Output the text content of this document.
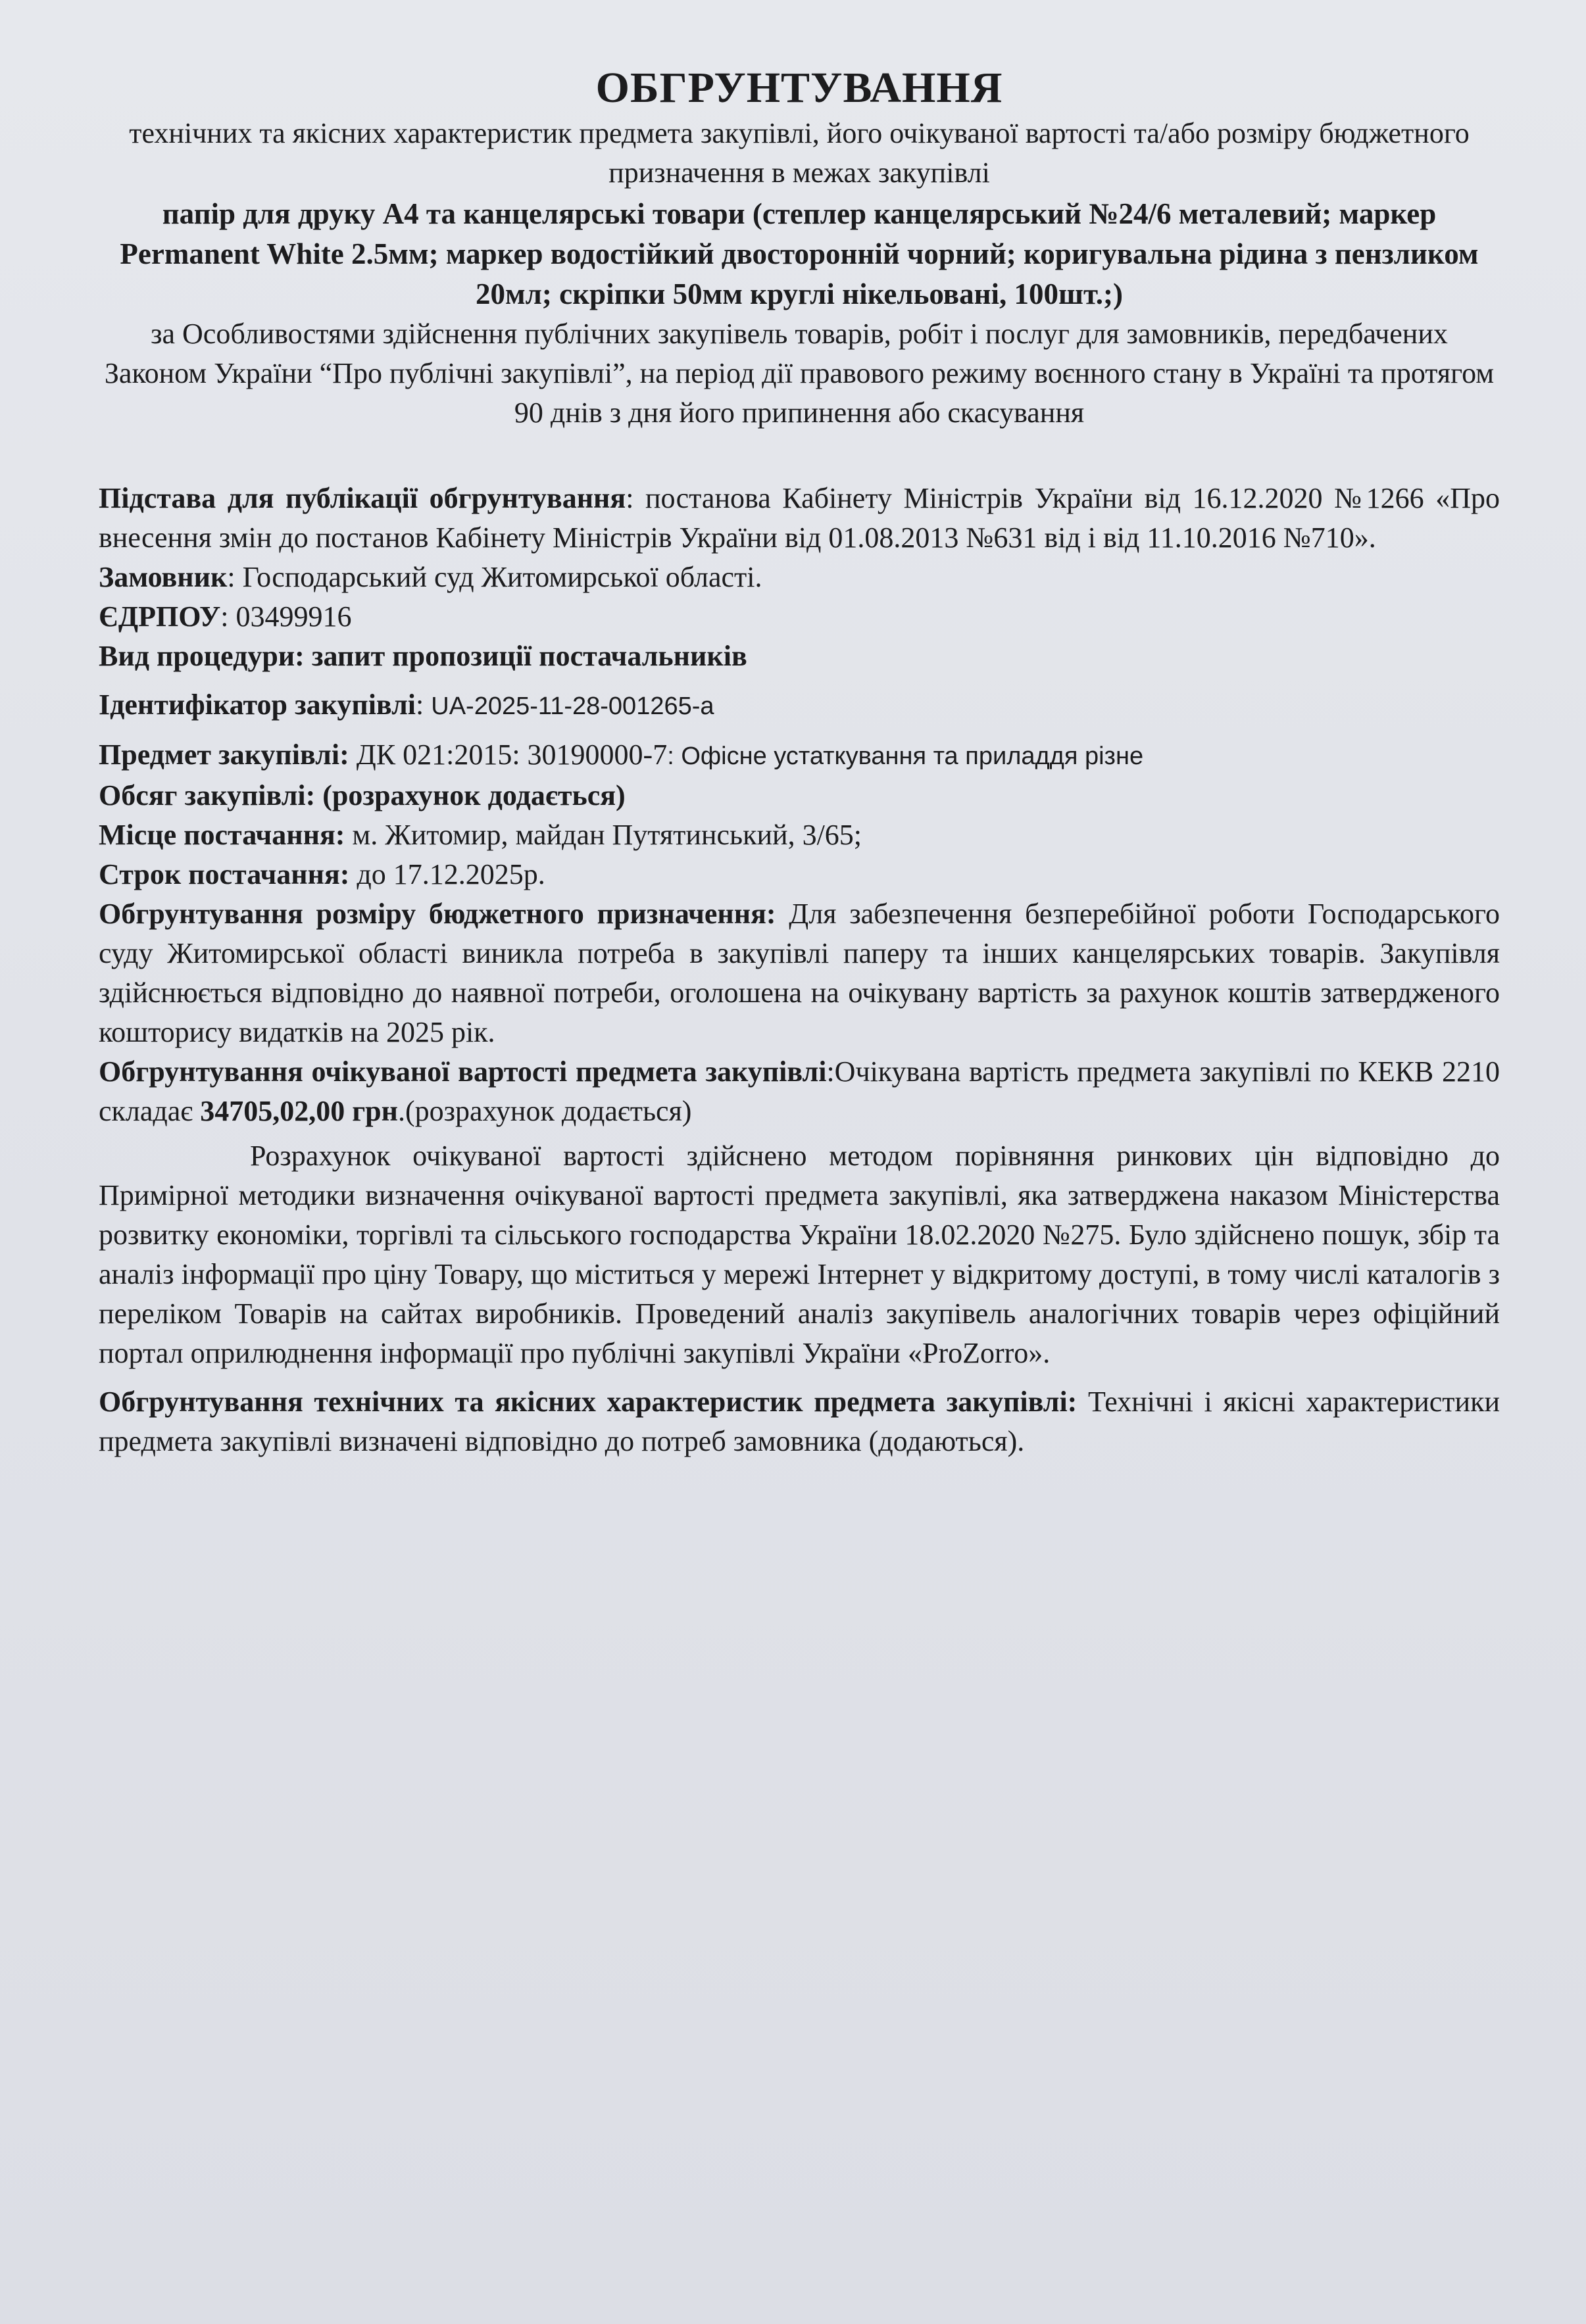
ОБГРУНТУВАННЯ

технічних та якісних характеристик предмета закупівлі, його очікуваної вартості та/або розміру бюджетного призначення в межах закупівлі

папір для друку А4 та канцелярські товари (степлер канцелярський №24/6 металевий; маркер Permanent White 2.5мм; маркер водостійкий двосторонній чорний; коригувальна рідина з пензликом 20мл; скріпки 50мм круглі нікельовані, 100шт.;)

за Особливостями здійснення публічних закупівель товарів, робіт і послуг для замовників, передбачених Законом України “Про публічні закупівлі”, на період дії правового режиму воєнного стану в Україні та протягом 90 днів з дня його припинення або скасування

Підстава для публікації обгрунтування: постанова Кабінету Міністрів України від 16.12.2020 №1266 «Про внесення змін до постанов Кабінету Міністрів України від 01.08.2013 №631 від і від 11.10.2016 №710».

Замовник: Господарський суд Житомирської області.

ЄДРПОУ: 03499916

Вид процедури: запит пропозиції постачальників

Ідентифікатор закупівлі: UA-2025-11-28-001265-a

Предмет закупівлі: ДК 021:2015: 30190000-7: Офісне устаткування та приладдя різне

Обсяг закупівлі: (розрахунок додається)

Місце постачання: м. Житомир, майдан Путятинський, 3/65;

Строк постачання: до 17.12.2025р.

Обгрунтування розміру бюджетного призначення: Для забезпечення безперебійної роботи Господарського суду Житомирської області виникла потреба в закупівлі паперу та інших канцелярських товарів. Закупівля здійснюється відповідно до наявної потреби, оголошена на очікувану вартість за рахунок коштів затвердженого кошторису видатків на 2025 рік.

Обгрунтування очікуваної вартості предмета закупівлі:Очікувана вартість предмета закупівлі по КЕКВ 2210 складає 34705,02,00 грн.(розрахунок додається)

Розрахунок очікуваної вартості здійснено методом порівняння ринкових цін відповідно до Примірної методики визначення очікуваної вартості предмета закупівлі, яка затверджена наказом Міністерства розвитку економіки, торгівлі та сільського господарства України 18.02.2020 №275. Було здійснено пошук, збір та аналіз інформації про ціну Товару, що міститься у мережі Інтернет у відкритому доступі, в тому числі каталогів з переліком Товарів на сайтах виробників. Проведений аналіз закупівель аналогічних товарів через офіційний портал оприлюднення інформації про публічні закупівлі України «ProZorro».

Обгрунтування технічних та якісних характеристик предмета закупівлі: Технічні і якісні характеристики предмета закупівлі визначені відповідно до потреб замовника (додаються).
